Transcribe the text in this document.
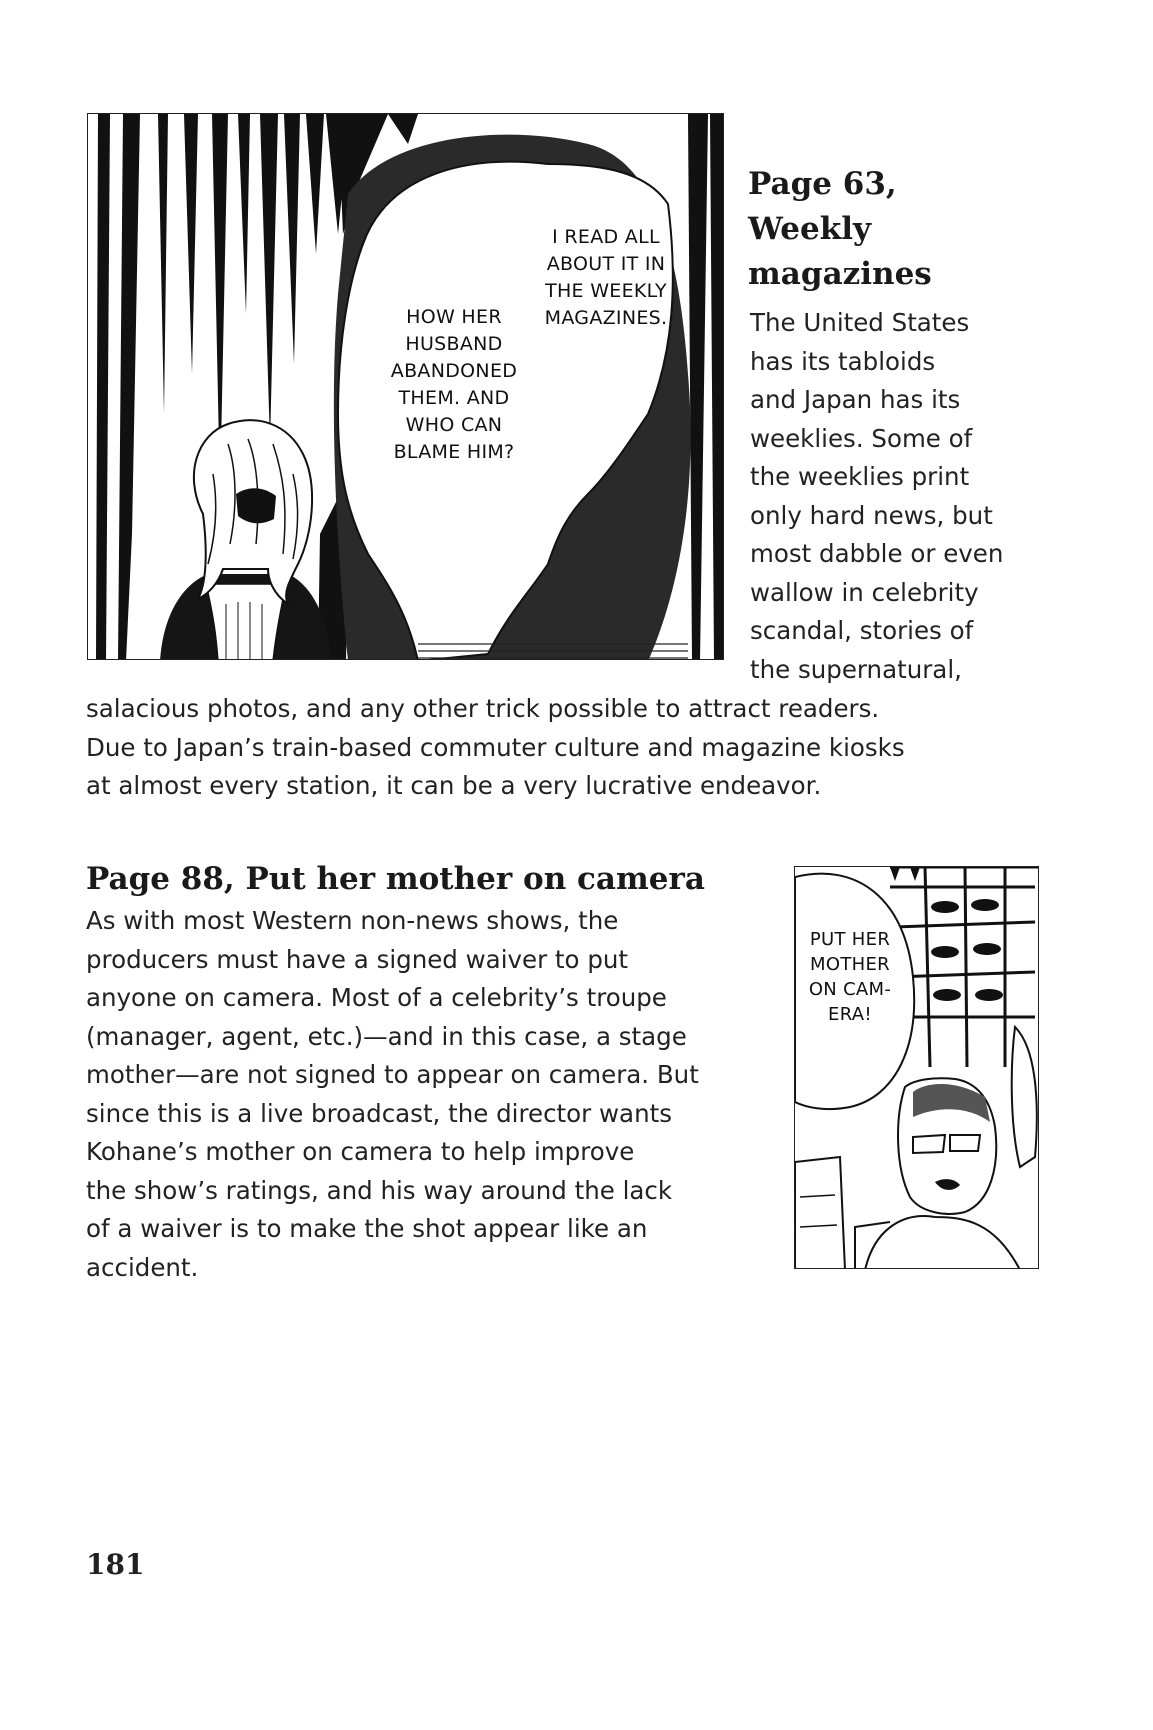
HOW HER
HUSBAND
ABANDONED
THEM. AND
WHO CAN
BLAME HIM?
I READ ALL
ABOUT IT IN
THE WEEKLY
MAGAZINES.
Page 63,
Weekly
magazines

The United States
has its tabloids
and Japan has its
weeklies. Some of
the weeklies print
only hard news, but
most dabble or even
wallow in celebrity
scandal, stories of
the supernatural,

salacious photos, and any other trick possible to attract readers.
Due to Japan’s train-based commuter culture and magazine kiosks
at almost every station, it can be a very lucrative endeavor.

Page 88, Put her mother on camera

As with most Western non-news shows, the
producers must have a signed waiver to put
anyone on camera. Most of a celebrity’s troupe
(manager, agent, etc.)—and in this case, a stage
mother—are not signed to appear on camera. But
since this is a live broadcast, the director wants
Kohane’s mother on camera to help improve
the show’s ratings, and his way around the lack
of a waiver is to make the shot appear like an
accident.

PUT HER
MOTHER
ON CAM-
ERA!
181
